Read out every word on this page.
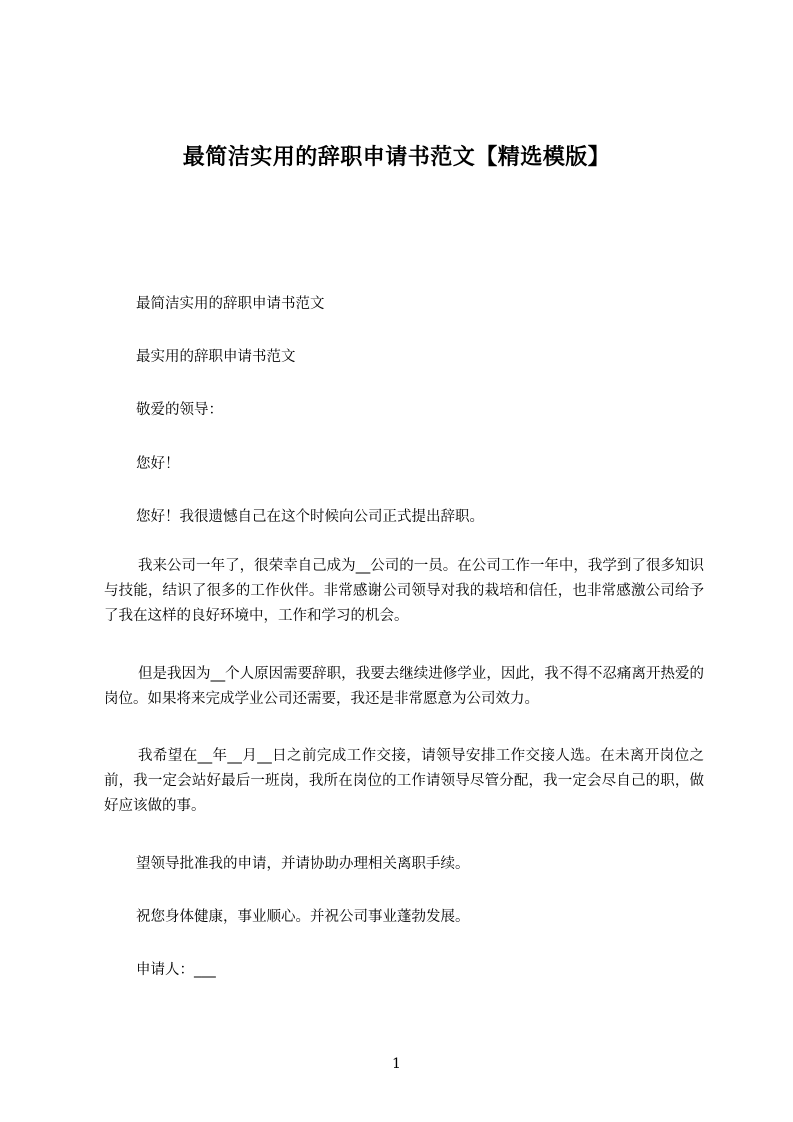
最简洁实用的辞职申请书范文【精选模版】
最简洁实用的辞职申请书范文
最实用的辞职申请书范文
敬爱的领导：
您好！
您好！我很遗憾自己在这个时候向公司正式提出辞职。
我来公司一年了，很荣幸自己成为__公司的一员。在公司工作一年中，我学到了很多知识与技能，结识了很多的工作伙伴。非常感谢公司领导对我的栽培和信任，也非常感激公司给予了我在这样的良好环境中，工作和学习的机会。
但是我因为__个人原因需要辞职，我要去继续进修学业，因此，我不得不忍痛离开热爱的岗位。如果将来完成学业公司还需要，我还是非常愿意为公司效力。
我希望在__年__月__日之前完成工作交接，请领导安排工作交接人选。在未离开岗位之前，我一定会站好最后一班岗，我所在岗位的工作请领导尽管分配，我一定会尽自己的职，做好应该做的事。
望领导批准我的申请，并请协助办理相关离职手续。
祝您身体健康，事业顺心。并祝公司事业蓬勃发展。
申请人：___
1
